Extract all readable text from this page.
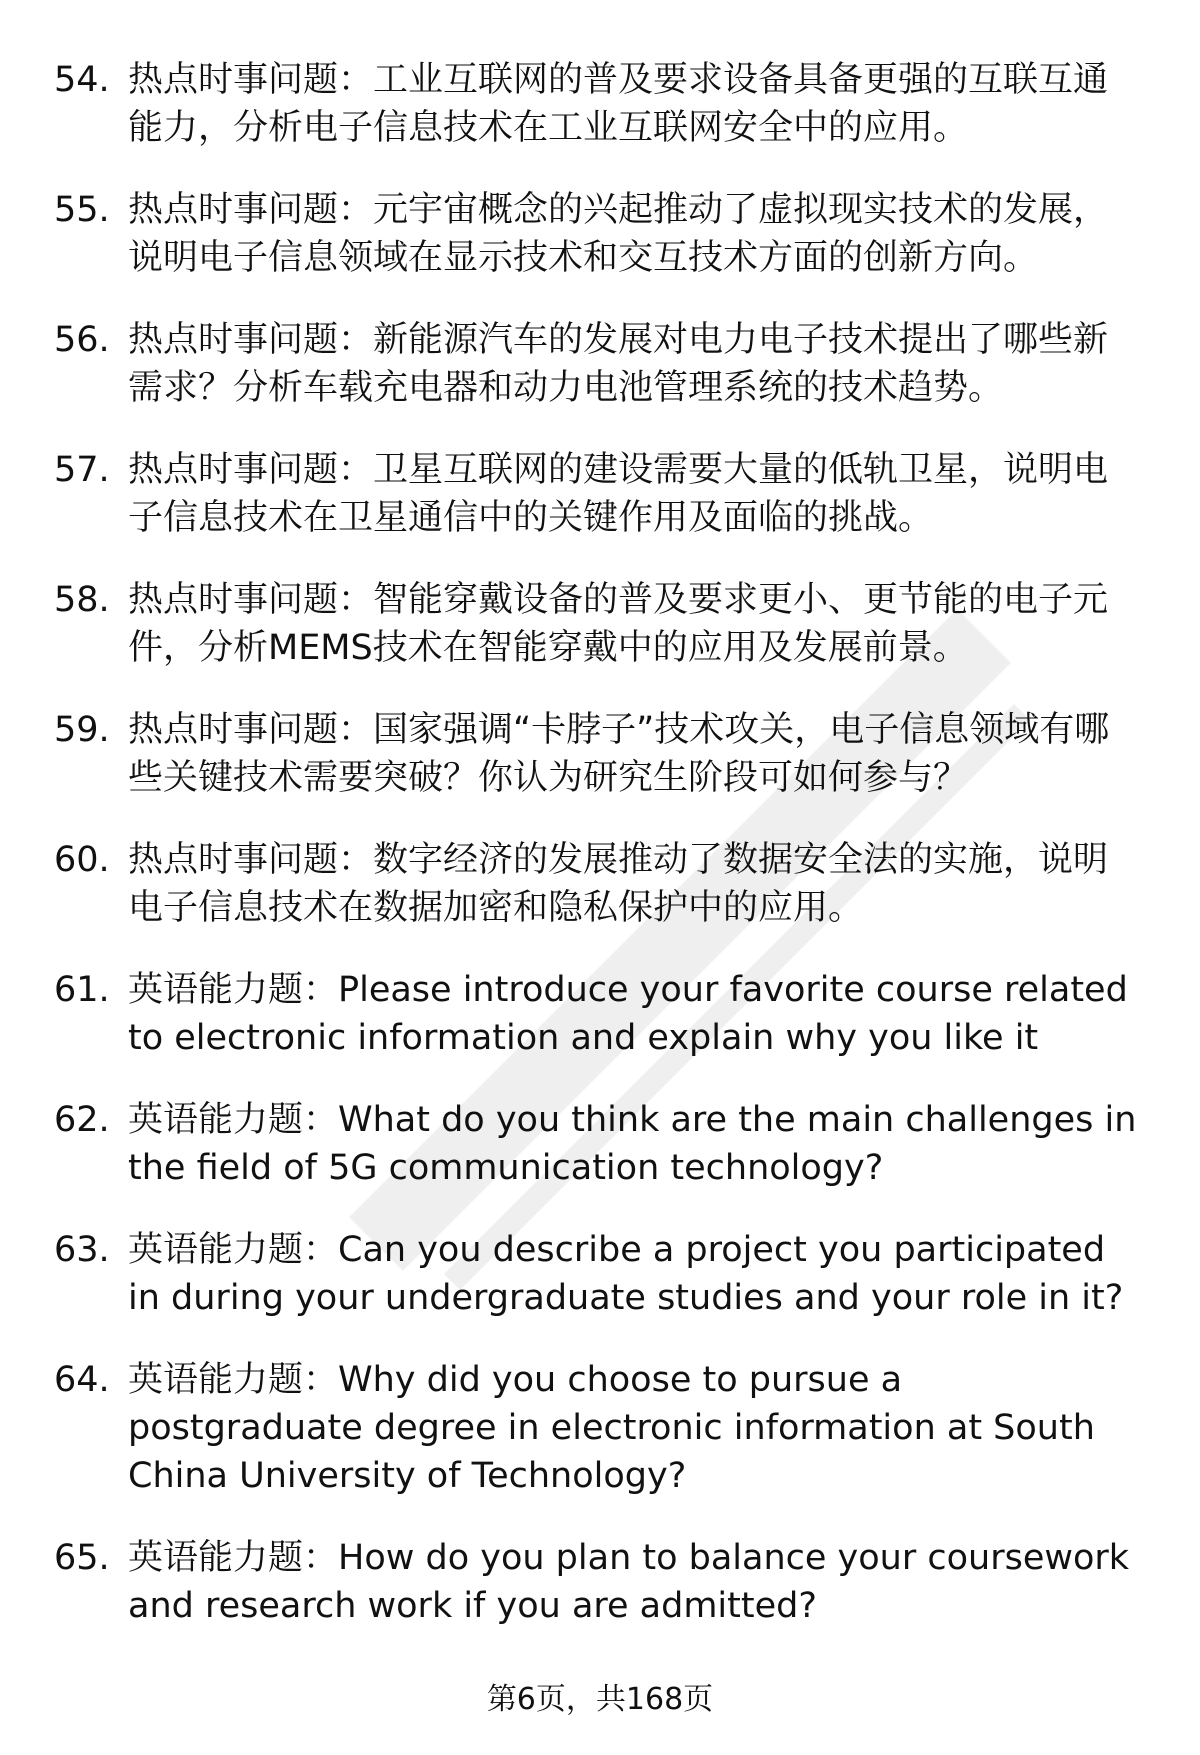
54. 热点时事问题：工业互联网的普及要求设备具备更强的互联互通能力，分析电子信息技术在工业互联网安全中的应用。
55. 热点时事问题：元宇宙概念的兴起推动了虚拟现实技术的发展，说明电子信息领域在显示技术和交互技术方面的创新方向。
56. 热点时事问题：新能源汽车的发展对电力电子技术提出了哪些新需求？分析车载充电器和动力电池管理系统的技术趋势。
57. 热点时事问题：卫星互联网的建设需要大量的低轨卫星，说明电子信息技术在卫星通信中的关键作用及面临的挑战。
58. 热点时事问题：智能穿戴设备的普及要求更小、更节能的电子元件，分析MEMS技术在智能穿戴中的应用及发展前景。
59. 热点时事问题：国家强调“卡脖子”技术攻关，电子信息领域有哪些关键技术需要突破？你认为研究生阶段可如何参与？
60. 热点时事问题：数字经济的发展推动了数据安全法的实施，说明电子信息技术在数据加密和隐私保护中的应用。
61. 英语能力题：Please introduce your favorite course related to electronic information and explain why you like it
62. 英语能力题：What do you think are the main challenges in the field of 5G communication technology?
63. 英语能力题：Can you describe a project you participated in during your undergraduate studies and your role in it?
64. 英语能力题：Why did you choose to pursue a postgraduate degree in electronic information at South China University of Technology?
65. 英语能力题：How do you plan to balance your coursework and research work if you are admitted?
第6页，共168页
